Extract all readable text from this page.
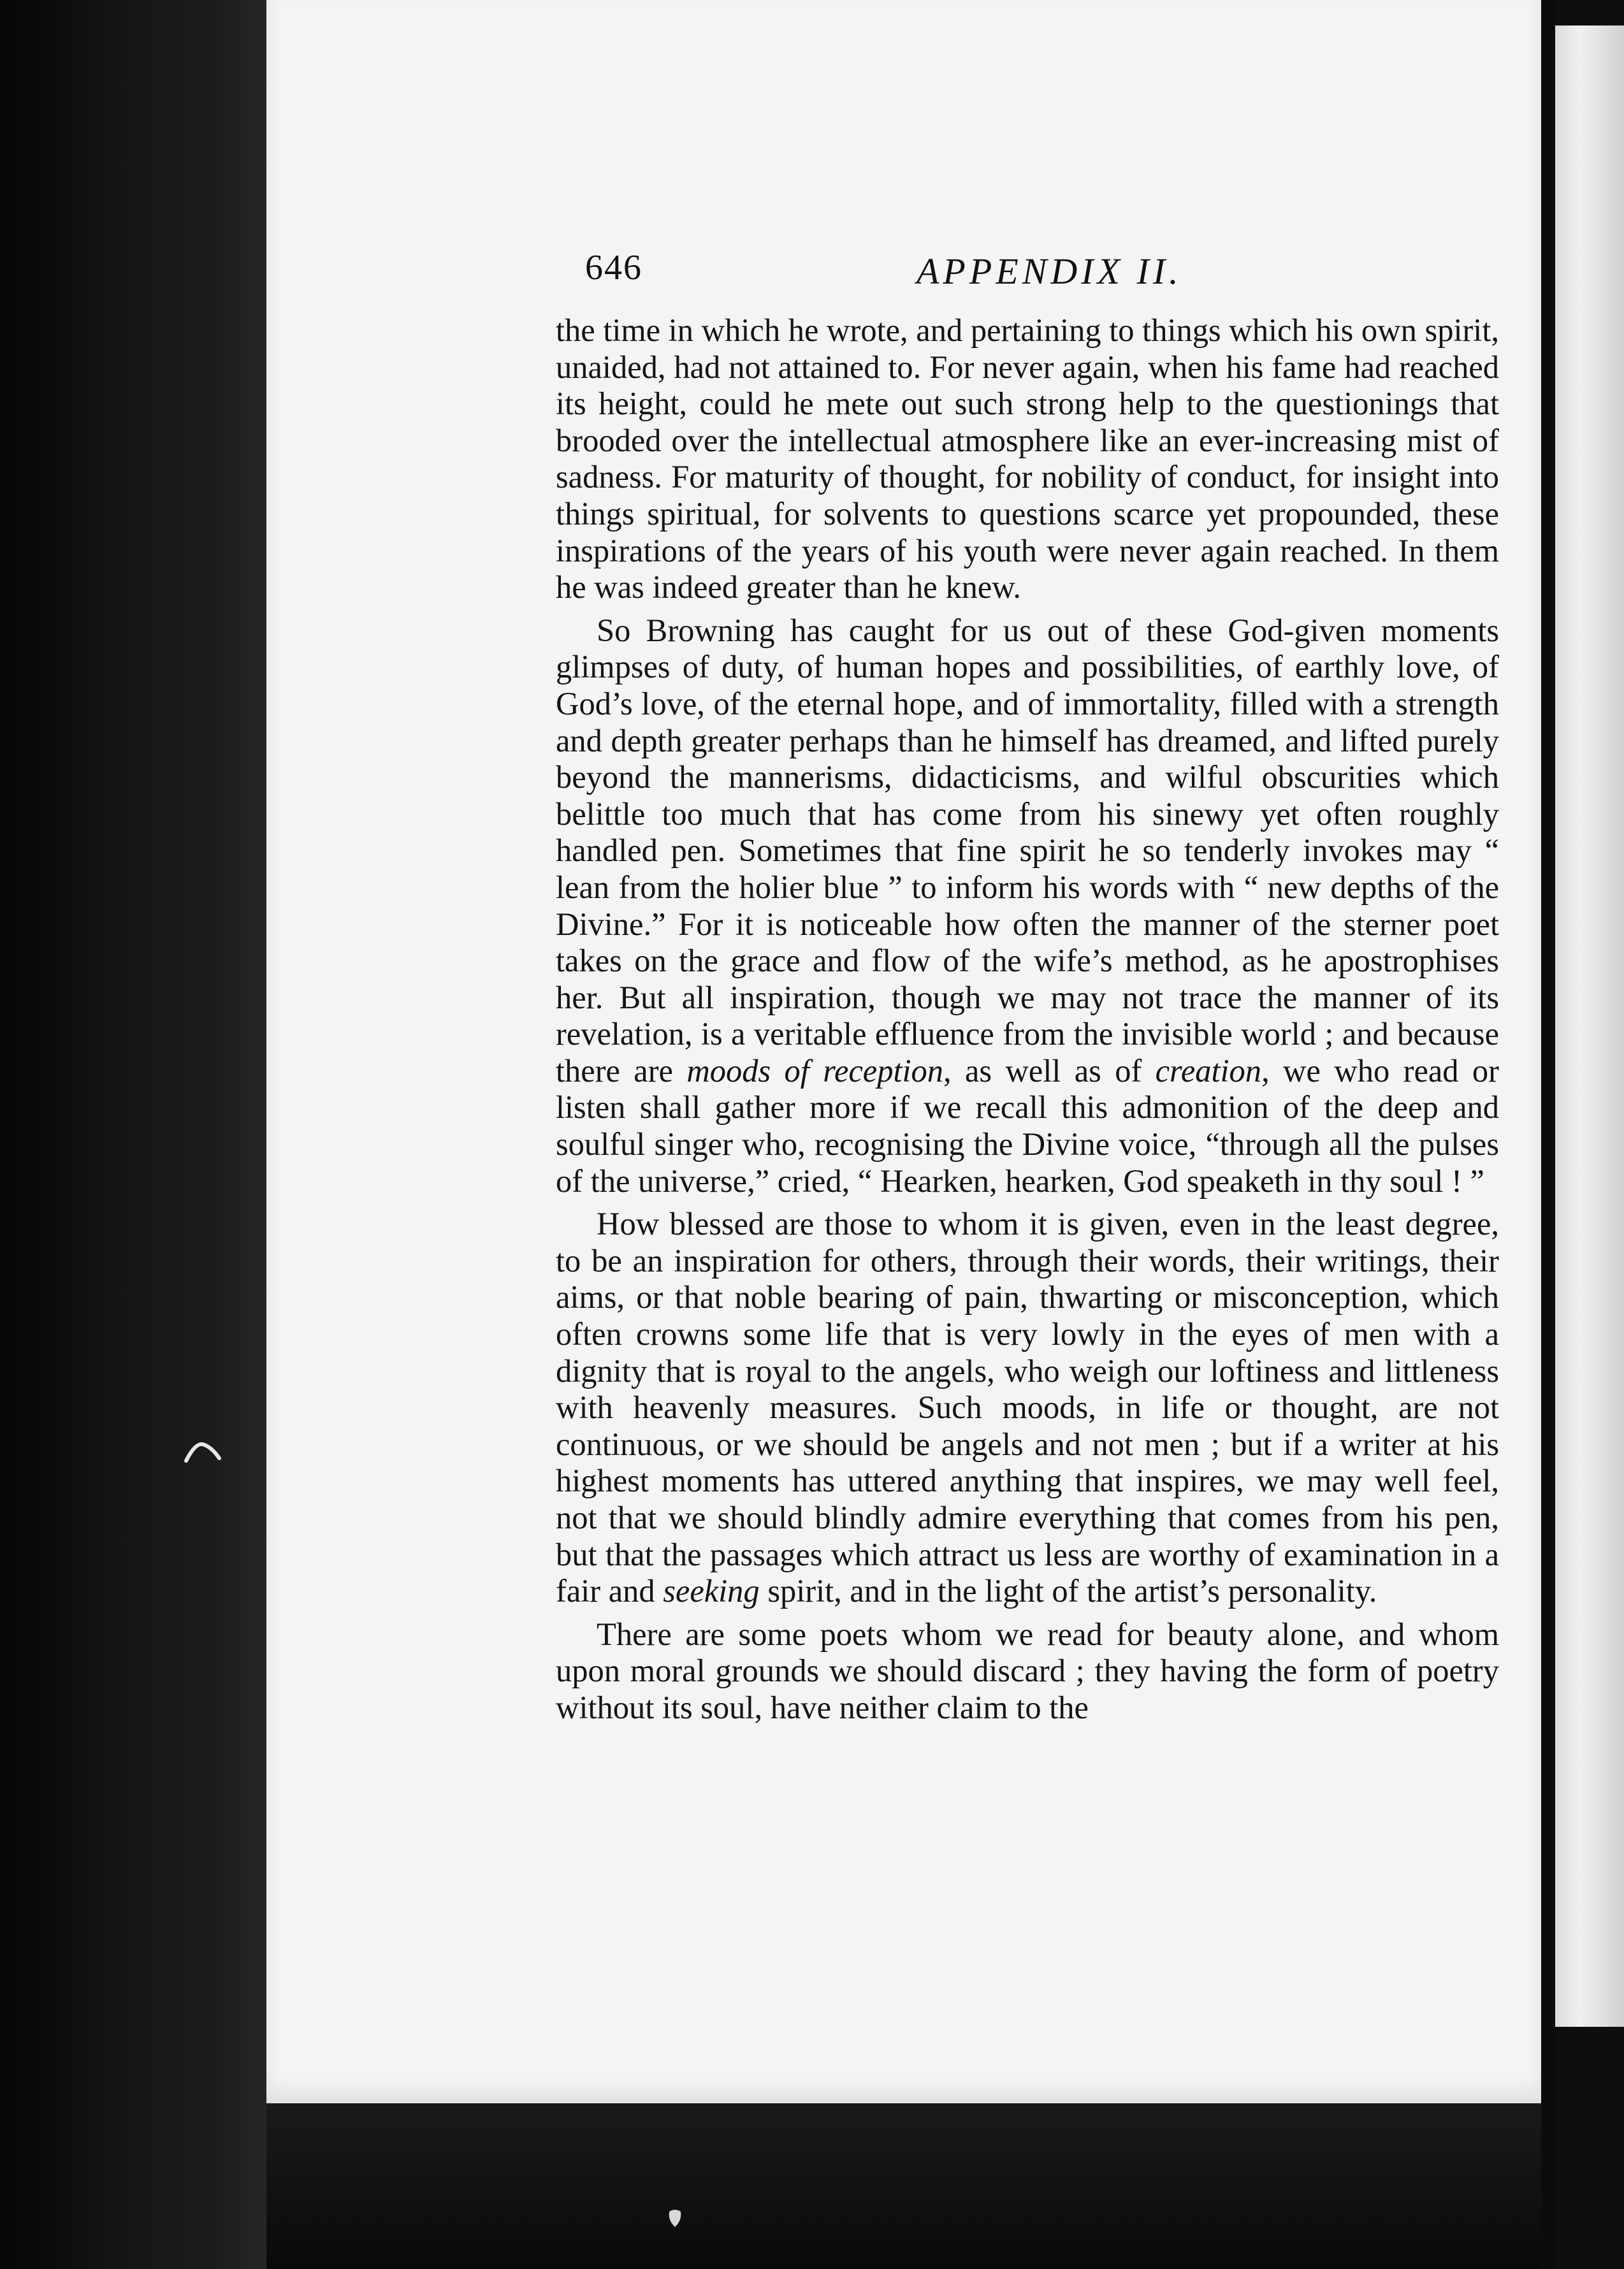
646	APPENDIX II.

the time in which he wrote, and pertaining to things which his own spirit, unaided, had not attained to. For never again, when his fame had reached its height, could he mete out such strong help to the questionings that brooded over the intellectual atmosphere like an ever-increasing mist of sadness. For maturity of thought, for nobility of conduct, for insight into things spiritual, for solvents to questions scarce yet propounded, these inspirations of the years of his youth were never again reached. In them he was indeed greater than he knew.

So Browning has caught for us out of these God-given moments glimpses of duty, of human hopes and possibilities, of earthly love, of God’s love, of the eternal hope, and of immortality, filled with a strength and depth greater perhaps than he himself has dreamed, and lifted purely beyond the mannerisms, didacticisms, and wilful obscurities which belittle too much that has come from his sinewy yet often roughly handled pen. Sometimes that fine spirit he so tenderly invokes may “ lean from the holier blue ” to inform his words with “ new depths of the Divine.” For it is noticeable how often the manner of the sterner poet takes on the grace and flow of the wife’s method, as he apostrophises her. But all inspiration, though we may not trace the manner of its revelation, is a veritable effluence from the invisible world ; and because there are moods of reception, as well as of creation, we who read or listen shall gather more if we recall this admonition of the deep and soulful singer who, recognising the Divine voice, “through all the pulses of the universe,” cried, “ Hearken, hearken, God speaketh in thy soul ! ”

How blessed are those to whom it is given, even in the least degree, to be an inspiration for others, through their words, their writings, their aims, or that noble bearing of pain, thwarting or misconception, which often crowns some life that is very lowly in the eyes of men with a dignity that is royal to the angels, who weigh our loftiness and littleness with heavenly measures. Such moods, in life or thought, are not continuous, or we should be angels and not men ; but if a writer at his highest moments has uttered anything that inspires, we may well feel, not that we should blindly admire everything that comes from his pen, but that the passages which attract us less are worthy of examination in a fair and seeking spirit, and in the light of the artist’s personality.

There are some poets whom we read for beauty alone, and whom upon moral grounds we should discard ; they having the form of poetry without its soul, have neither claim to the
